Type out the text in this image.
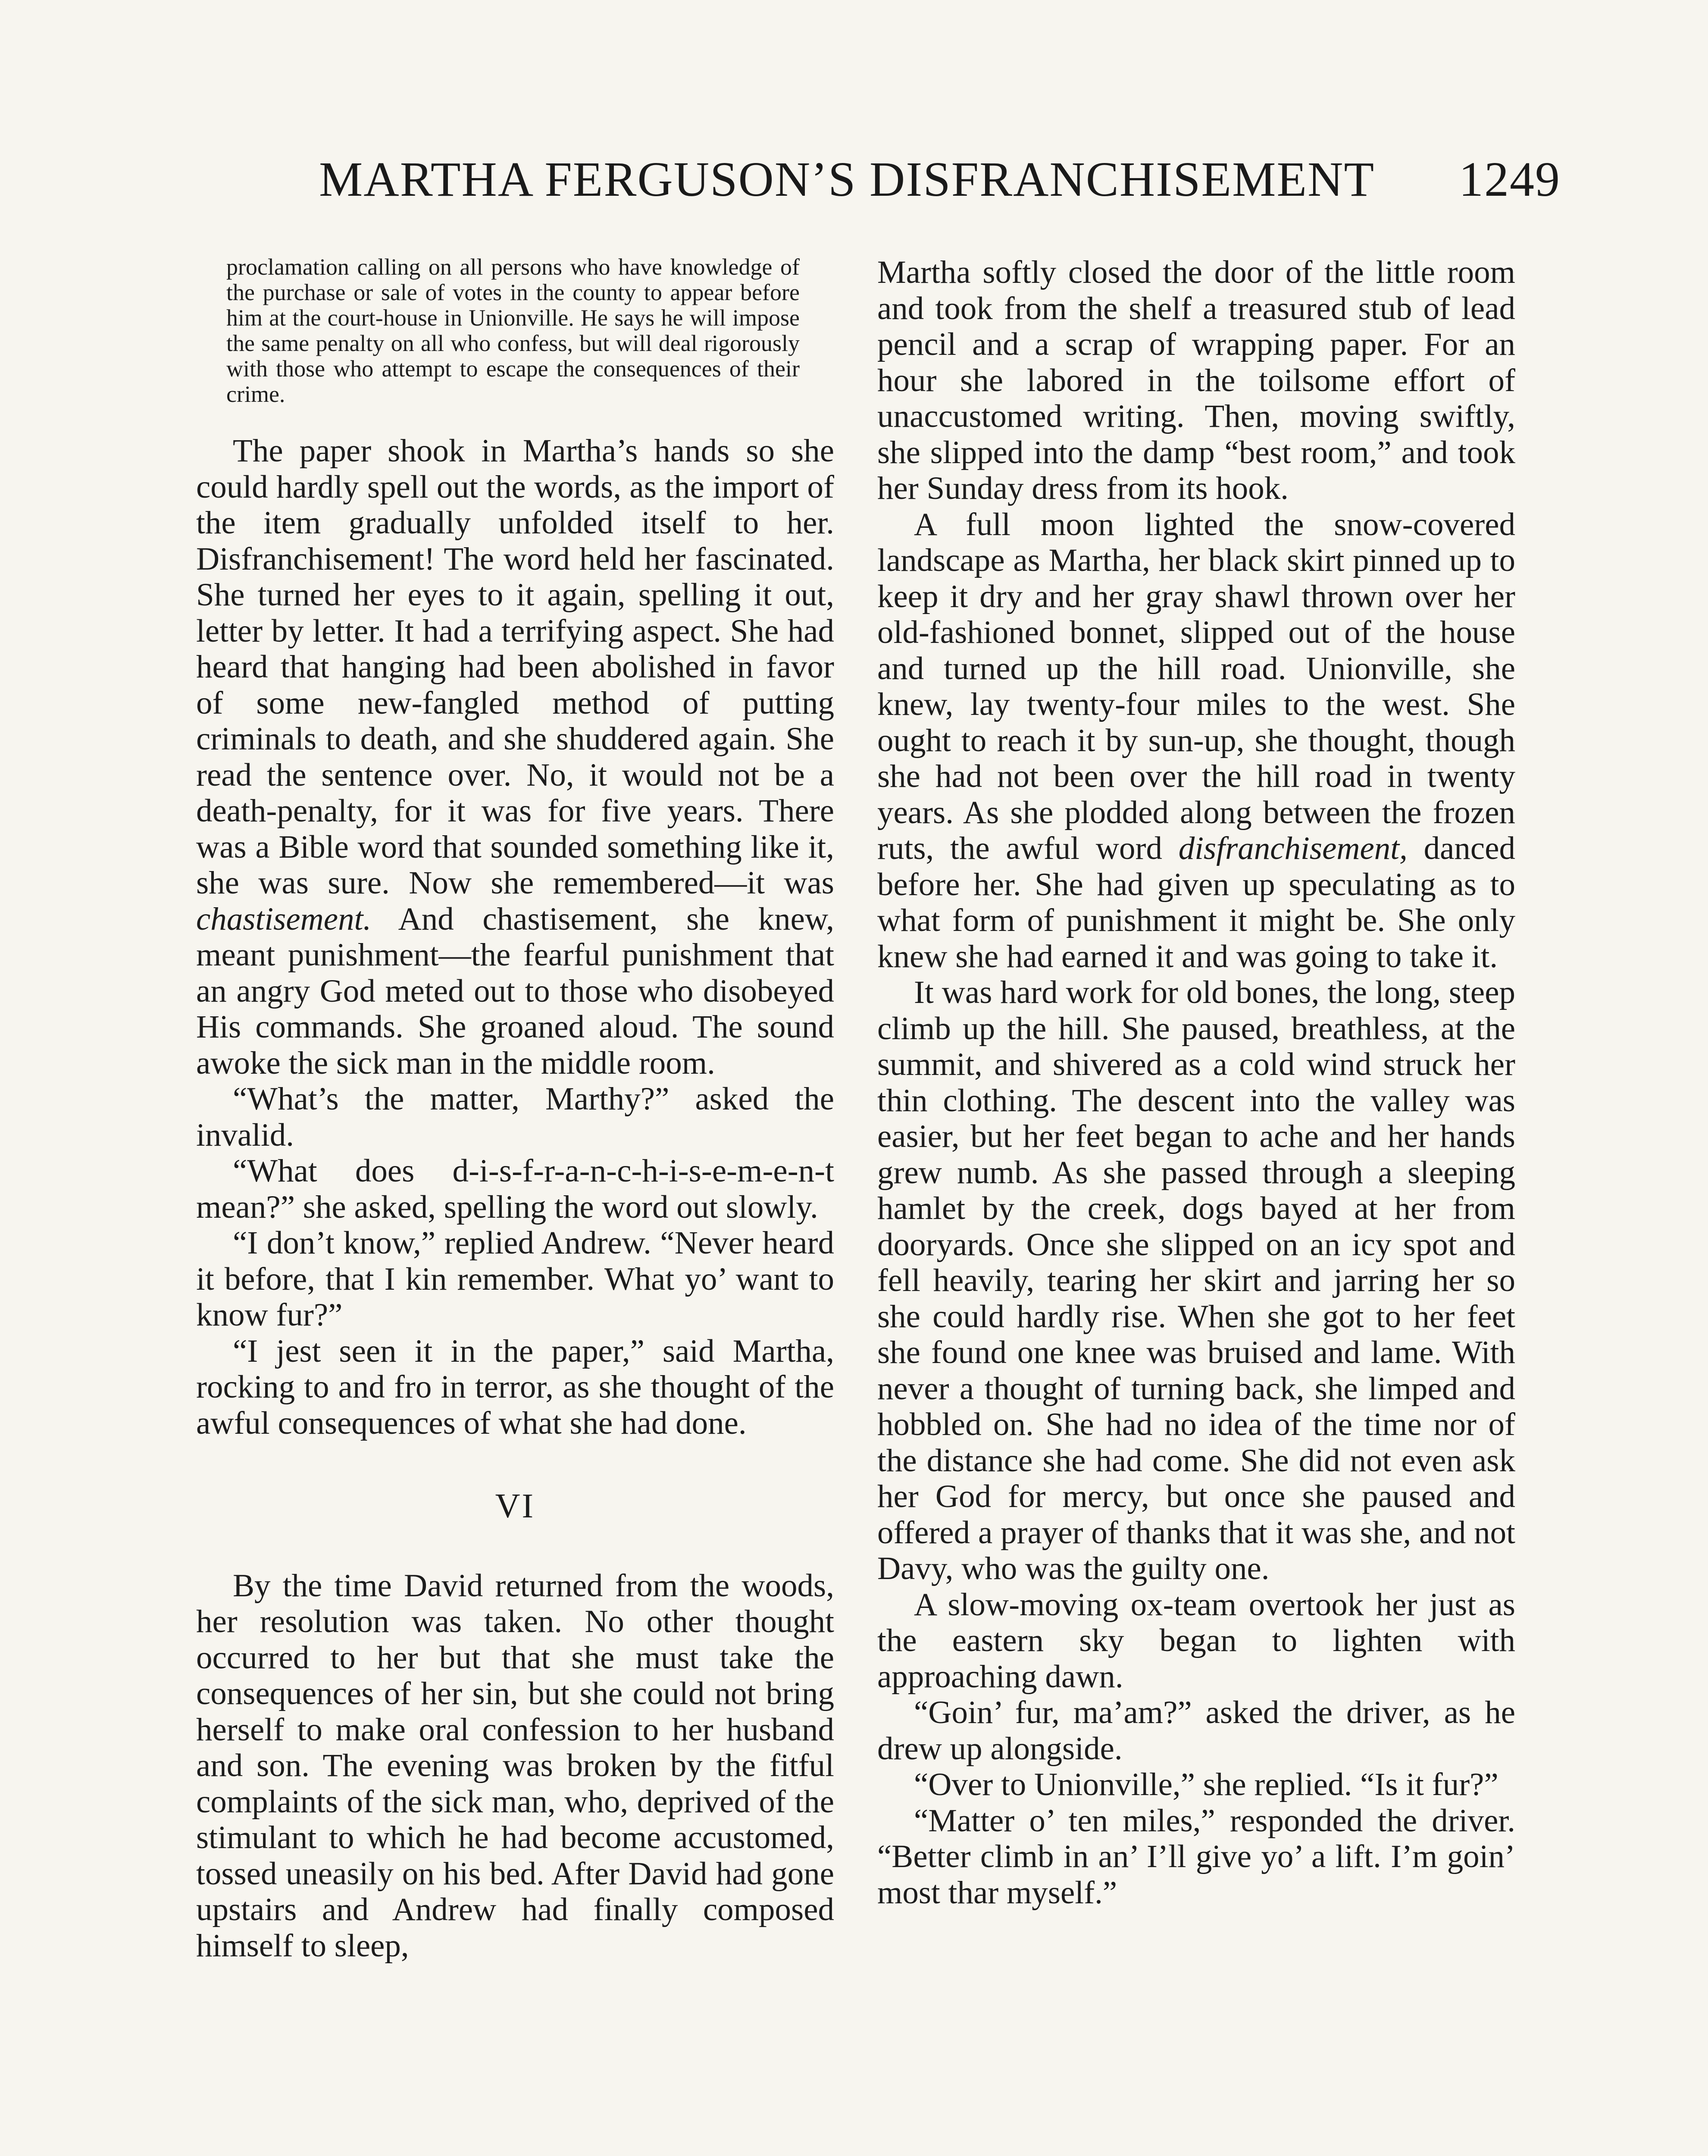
MARTHA FERGUSON’S DISFRANCHISEMENT 1249

proclamation calling on all persons who have knowledge of the purchase or sale of votes in the county to appear before him at the court-house in Unionville. He says he will impose the same penalty on all who confess, but will deal rigorously with those who attempt to escape the consequences of their crime.

The paper shook in Martha’s hands so she could hardly spell out the words, as the import of the item gradually unfolded itself to her. Disfranchisement! The word held her fascinated. She turned her eyes to it again, spelling it out, letter by letter. It had a terrifying aspect. She had heard that hanging had been abolished in favor of some new-fangled method of putting criminals to death, and she shuddered again. She read the sentence over. No, it would not be a death-penalty, for it was for five years. There was a Bible word that sounded something like it, she was sure. Now she remembered—it was chastisement. And chastisement, she knew, meant punishment—the fearful punishment that an angry God meted out to those who disobeyed His commands. She groaned aloud. The sound awoke the sick man in the middle room.

“What’s the matter, Marthy?” asked the invalid.

“What does d-i-s-f-r-a-n-c-h-i-s-e-m-e-n-t mean?” she asked, spelling the word out slowly.

“I don’t know,” replied Andrew. “Never heard it before, that I kin remember. What yo’ want to know fur?”

“I jest seen it in the paper,” said Martha, rocking to and fro in terror, as she thought of the awful consequences of what she had done.

VI

By the time David returned from the woods, her resolution was taken. No other thought occurred to her but that she must take the consequences of her sin, but she could not bring herself to make oral confession to her husband and son. The evening was broken by the fitful complaints of the sick man, who, deprived of the stimulant to which he had become accustomed, tossed uneasily on his bed. After David had gone upstairs and Andrew had finally composed himself to sleep,

Martha softly closed the door of the little room and took from the shelf a treasured stub of lead pencil and a scrap of wrapping paper. For an hour she labored in the toilsome effort of unaccustomed writing. Then, moving swiftly, she slipped into the damp “best room,” and took her Sunday dress from its hook.

A full moon lighted the snow-covered landscape as Martha, her black skirt pinned up to keep it dry and her gray shawl thrown over her old-fashioned bonnet, slipped out of the house and turned up the hill road. Unionville, she knew, lay twenty-four miles to the west. She ought to reach it by sun-up, she thought, though she had not been over the hill road in twenty years. As she plodded along between the frozen ruts, the awful word disfranchisement, danced before her. She had given up speculating as to what form of punishment it might be. She only knew she had earned it and was going to take it.

It was hard work for old bones, the long, steep climb up the hill. She paused, breathless, at the summit, and shivered as a cold wind struck her thin clothing. The descent into the valley was easier, but her feet began to ache and her hands grew numb. As she passed through a sleeping hamlet by the creek, dogs bayed at her from dooryards. Once she slipped on an icy spot and fell heavily, tearing her skirt and jarring her so she could hardly rise. When she got to her feet she found one knee was bruised and lame. With never a thought of turning back, she limped and hobbled on. She had no idea of the time nor of the distance she had come. She did not even ask her God for mercy, but once she paused and offered a prayer of thanks that it was she, and not Davy, who was the guilty one.

A slow-moving ox-team overtook her just as the eastern sky began to lighten with approaching dawn.

“Goin’ fur, ma’am?” asked the driver, as he drew up alongside.

“Over to Unionville,” she replied. “Is it fur?”

“Matter o’ ten miles,” responded the driver. “Better climb in an’ I’ll give yo’ a lift. I’m goin’ most thar myself.”
